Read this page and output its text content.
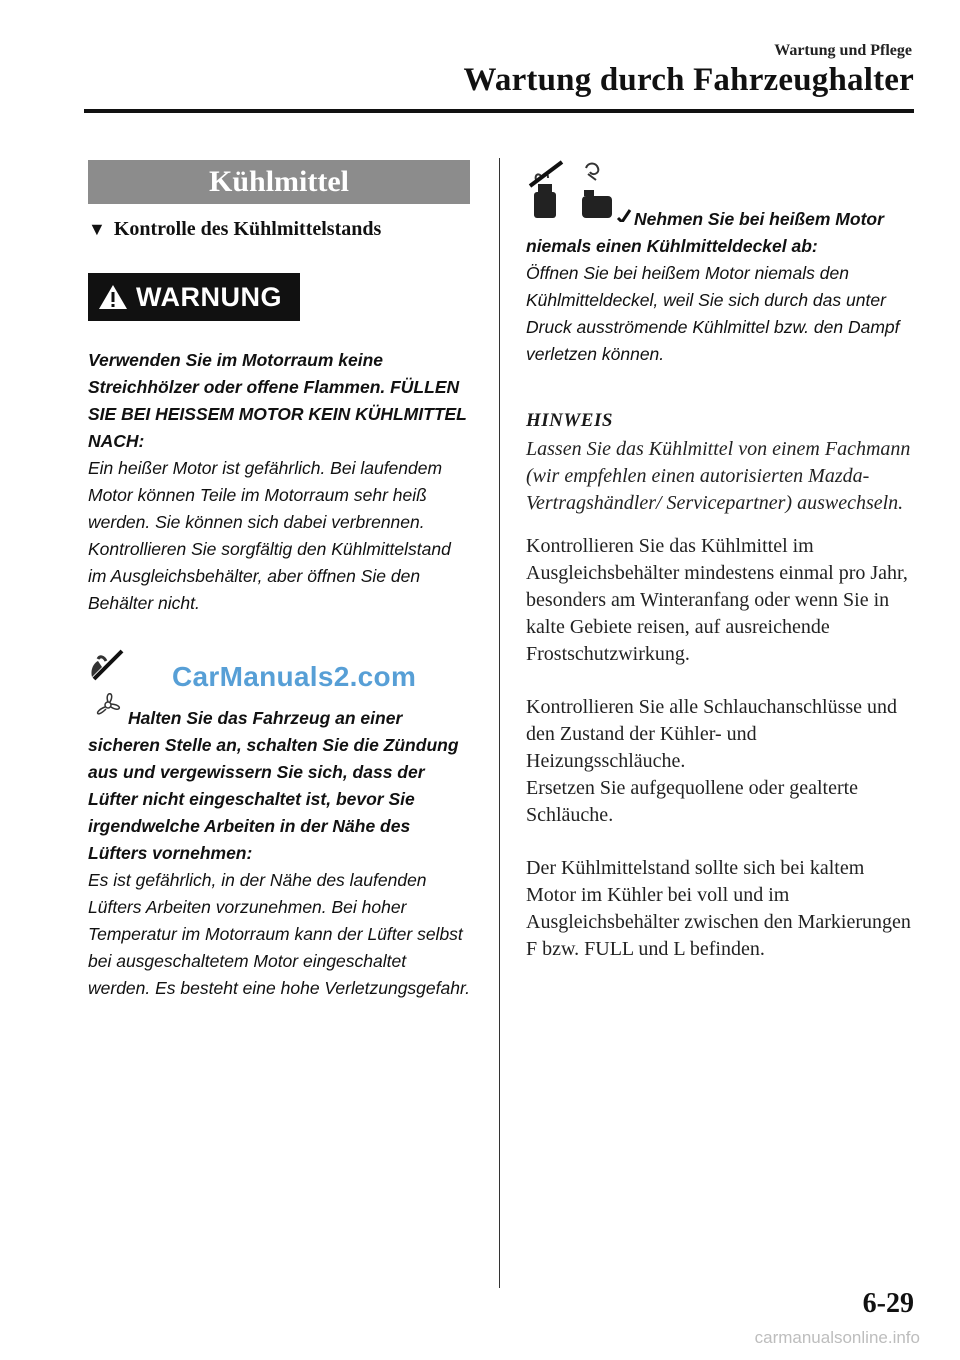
Wartung und Pflege
Wartung durch Fahrzeughalter
Kühlmittel
▼ Kontrolle des Kühlmittelstands
WARNUNG
Verwenden Sie im Motorraum keine Streichhölzer oder offene Flammen. FÜLLEN SIE BEI HEISSEM MOTOR KEIN KÜHLMITTEL NACH:
Ein heißer Motor ist gefährlich. Bei laufendem Motor können Teile im Motorraum sehr heiß werden. Sie können sich dabei verbrennen. Kontrollieren Sie sorgfältig den Kühlmittelstand im Ausgleichsbehälter, aber öffnen Sie den Behälter nicht.
CarManuals2.com
Halten Sie das Fahrzeug an einer sicheren Stelle an, schalten Sie die Zündung aus und vergewissern Sie sich, dass der Lüfter nicht eingeschaltet ist, bevor Sie irgendwelche Arbeiten in der Nähe des Lüfters vornehmen:
Es ist gefährlich, in der Nähe des laufenden Lüfters Arbeiten vorzunehmen. Bei hoher Temperatur im Motorraum kann der Lüfter selbst bei ausgeschaltetem Motor eingeschaltet werden. Es besteht eine hohe Verletzungsgefahr.
Nehmen Sie bei heißem Motor niemals einen Kühlmitteldeckel ab:
Öffnen Sie bei heißem Motor niemals den Kühlmitteldeckel, weil Sie sich durch das unter Druck ausströmende Kühlmittel bzw. den Dampf verletzen können.
HINWEIS
Lassen Sie das Kühlmittel von einem Fachmann (wir empfehlen einen autorisierten Mazda-Vertragshändler/ Servicepartner) auswechseln.
Kontrollieren Sie das Kühlmittel im Ausgleichsbehälter mindestens einmal pro Jahr, besonders am Winteranfang oder wenn Sie in kalte Gebiete reisen, auf ausreichende Frostschutzwirkung.
Kontrollieren Sie alle Schlauchanschlüsse und den Zustand der Kühler- und Heizungsschläuche.
Ersetzen Sie aufgequollene oder gealterte Schläuche.
Der Kühlmittelstand sollte sich bei kaltem Motor im Kühler bei voll und im Ausgleichsbehälter zwischen den Markierungen F bzw. FULL und L befinden.
6-29
carmanualsonline.info
